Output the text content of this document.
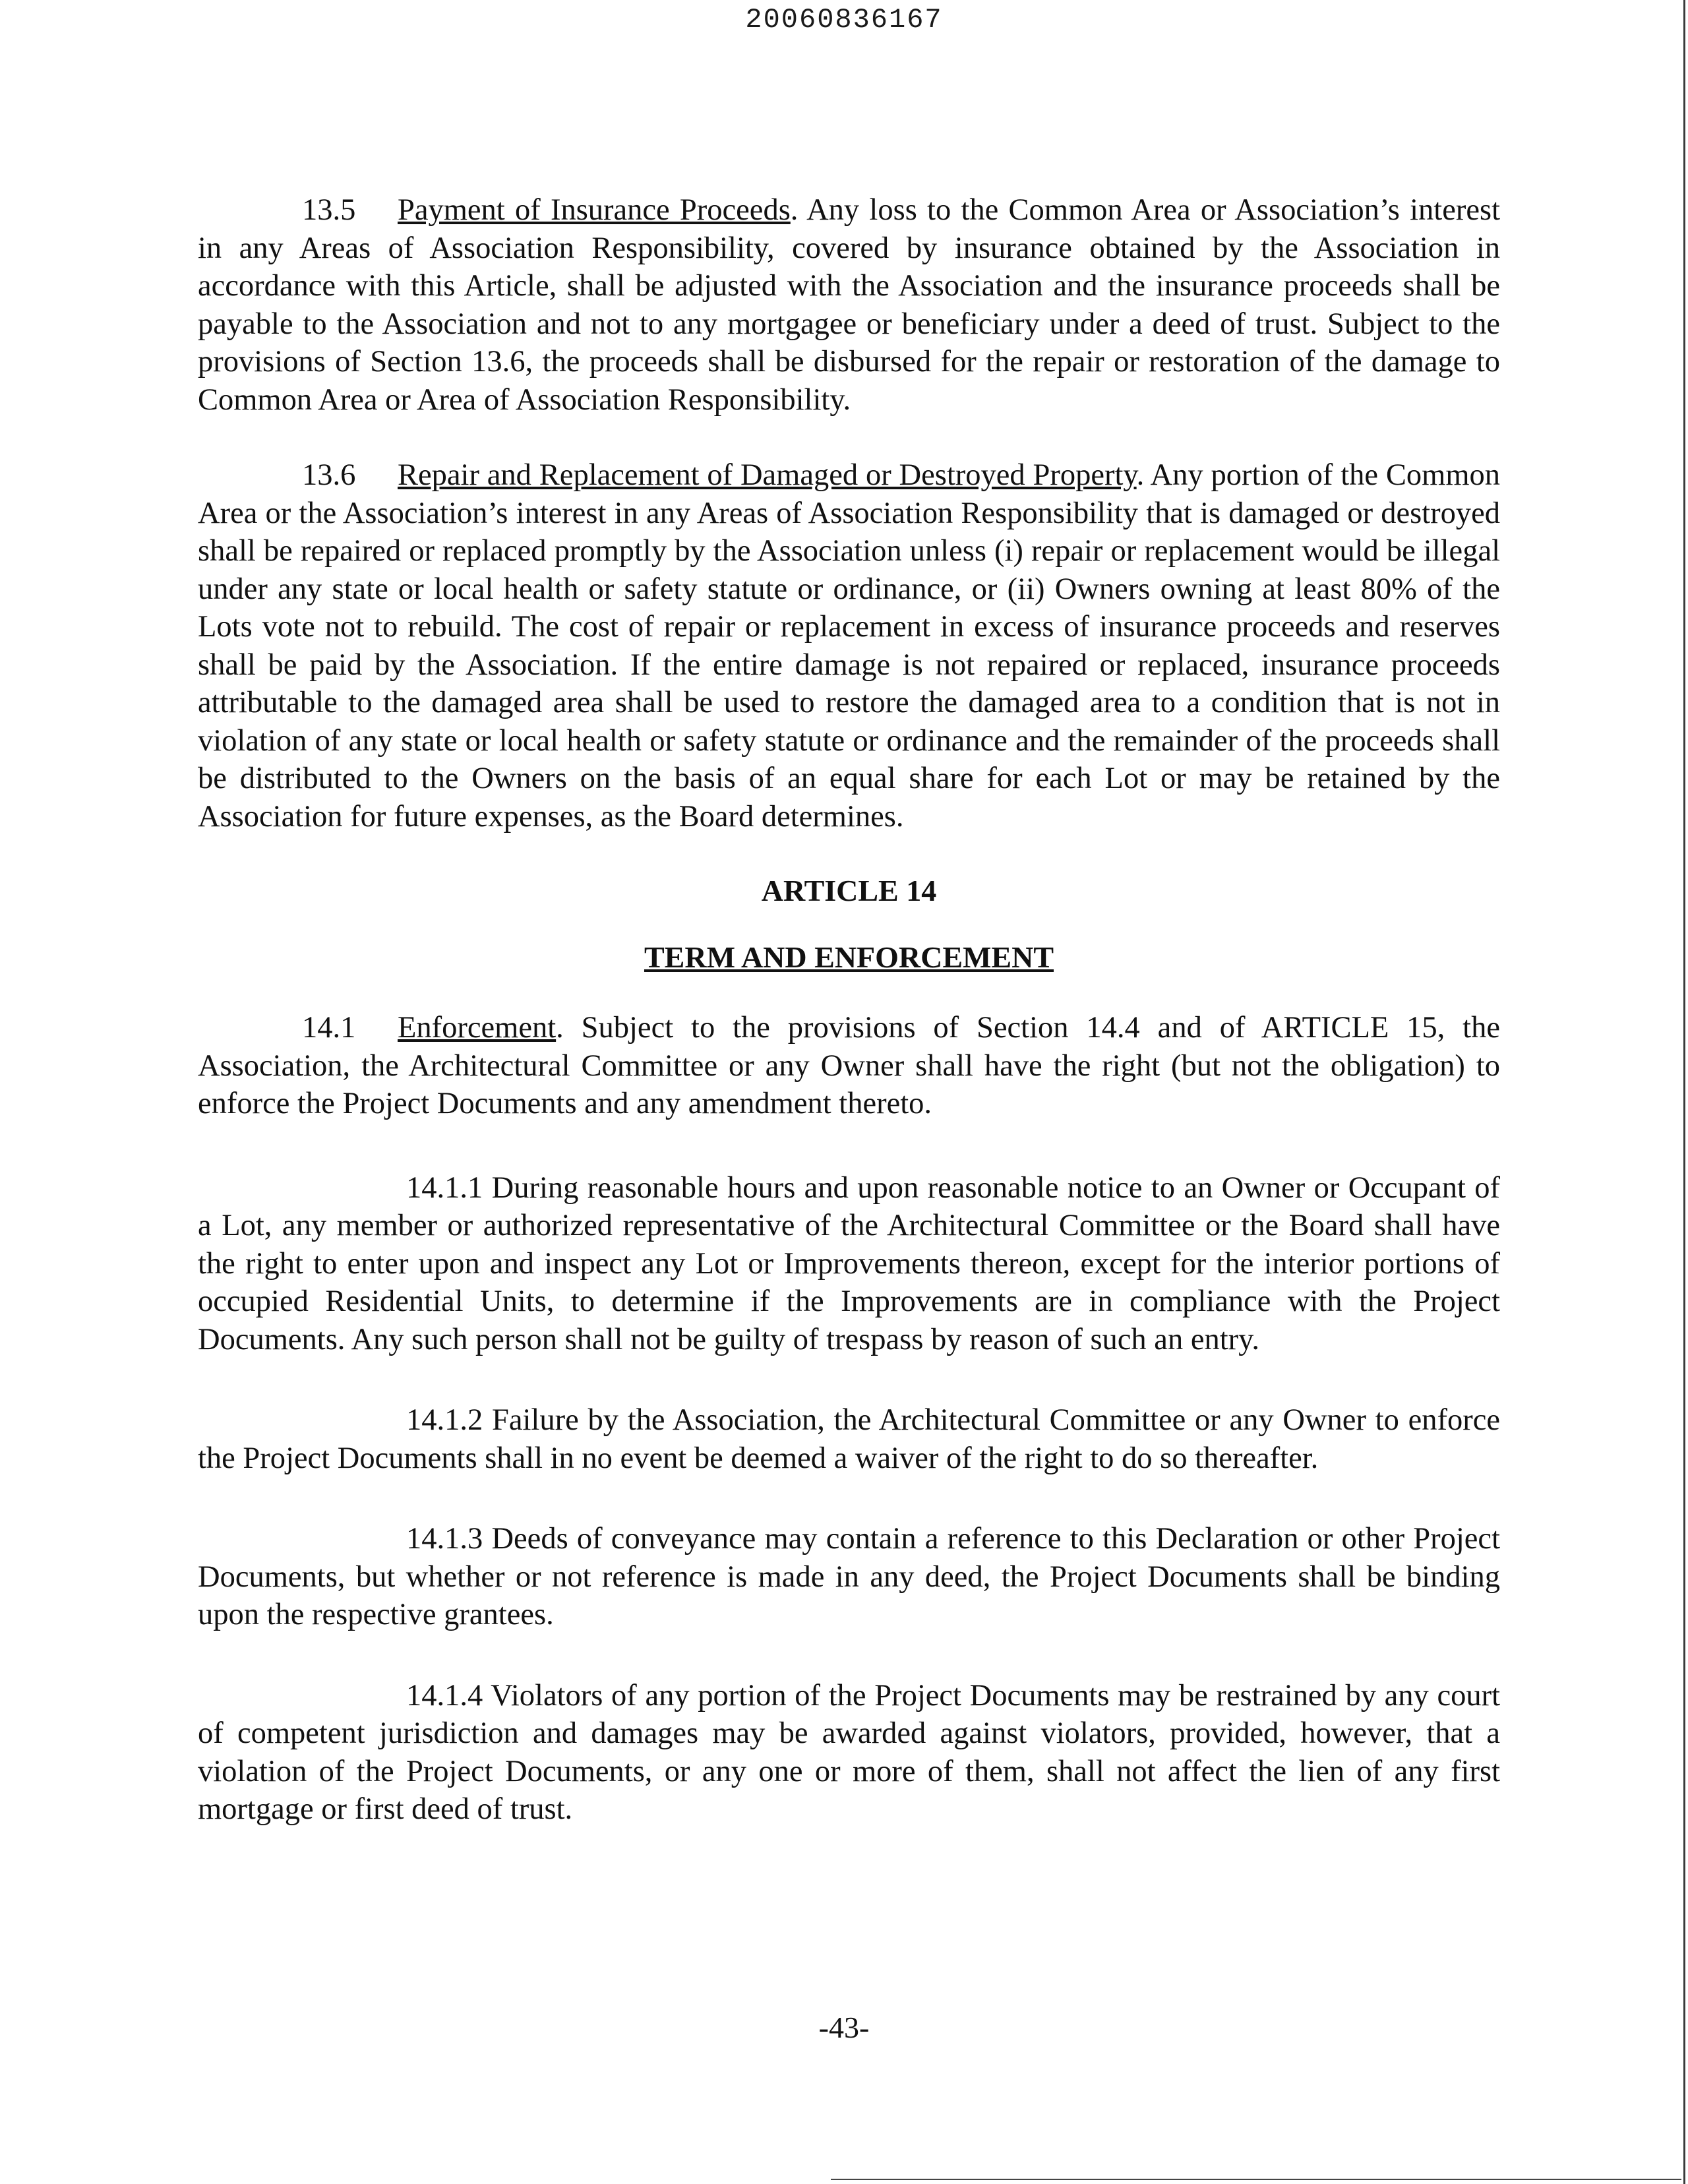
20060836167

13.5 Payment of Insurance Proceeds. Any loss to the Common Area or Association’s interest in any Areas of Association Responsibility, covered by insurance obtained by the Association in accordance with this Article, shall be adjusted with the Association and the insurance proceeds shall be payable to the Association and not to any mortgagee or beneficiary under a deed of trust. Subject to the provisions of Section 13.6, the proceeds shall be disbursed for the repair or restoration of the damage to Common Area or Area of Association Responsibility.

13.6 Repair and Replacement of Damaged or Destroyed Property. Any portion of the Common Area or the Association’s interest in any Areas of Association Responsibility that is damaged or destroyed shall be repaired or replaced promptly by the Association unless (i) repair or replacement would be illegal under any state or local health or safety statute or ordinance, or (ii) Owners owning at least 80% of the Lots vote not to rebuild. The cost of repair or replacement in excess of insurance proceeds and reserves shall be paid by the Association. If the entire damage is not repaired or replaced, insurance proceeds attributable to the damaged area shall be used to restore the damaged area to a condition that is not in violation of any state or local health or safety statute or ordinance and the remainder of the proceeds shall be distributed to the Owners on the basis of an equal share for each Lot or may be retained by the Association for future expenses, as the Board determines.

ARTICLE 14
TERM AND ENFORCEMENT

14.1 Enforcement. Subject to the provisions of Section 14.4 and of ARTICLE 15, the Association, the Architectural Committee or any Owner shall have the right (but not the obligation) to enforce the Project Documents and any amendment thereto.

14.1.1 During reasonable hours and upon reasonable notice to an Owner or Occupant of a Lot, any member or authorized representative of the Architectural Committee or the Board shall have the right to enter upon and inspect any Lot or Improvements thereon, except for the interior portions of occupied Residential Units, to determine if the Improvements are in compliance with the Project Documents. Any such person shall not be guilty of trespass by reason of such an entry.

14.1.2 Failure by the Association, the Architectural Committee or any Owner to enforce the Project Documents shall in no event be deemed a waiver of the right to do so thereafter.

14.1.3 Deeds of conveyance may contain a reference to this Declaration or other Project Documents, but whether or not reference is made in any deed, the Project Documents shall be binding upon the respective grantees.

14.1.4 Violators of any portion of the Project Documents may be restrained by any court of competent jurisdiction and damages may be awarded against violators, provided, however, that a violation of the Project Documents, or any one or more of them, shall not affect the lien of any first mortgage or first deed of trust.

-43-
